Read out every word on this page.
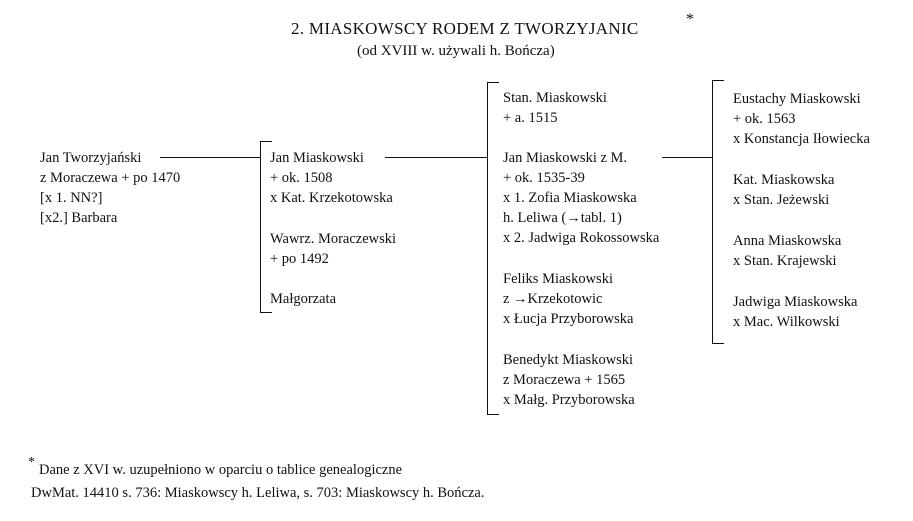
2. MIASKOWSCY RODEM Z TWORZYJANIC	*
(od XVIII w. używali h. Bończa)
Jan Tworzyjański
z Moraczewa + po 1470
[x 1. NN?]
[x2.] Barbara
Jan Miaskowski
+ ok. 1508
x Kat. Krzekotowska
Wawrz. Moraczewski
+ po 1492
Małgorzata
Stan. Miaskowski
+ a. 1515
Jan Miaskowski z M.
+ ok. 1535-39
x 1. Zofia Miaskowska
h. Leliwa (→tabl. 1)
x 2. Jadwiga Rokossowska
Feliks Miaskowski
z →Krzekotowic
x Łucja Przyborowska
Benedykt Miaskowski
z Moraczewa + 1565
x Małg. Przyborowska
Eustachy Miaskowski
+ ok. 1563
x Konstancja Iłowiecka
Kat. Miaskowska
x Stan. Jeżewski
Anna Miaskowska
x Stan. Krajewski
Jadwiga Miaskowska
x Mac. Wilkowski
* Dane z XVI w. uzupełniono w oparciu o tablice genealogiczne
DwMat. 14410 s. 736: Miaskowscy h. Leliwa, s. 703: Miaskowscy h. Bończa.
